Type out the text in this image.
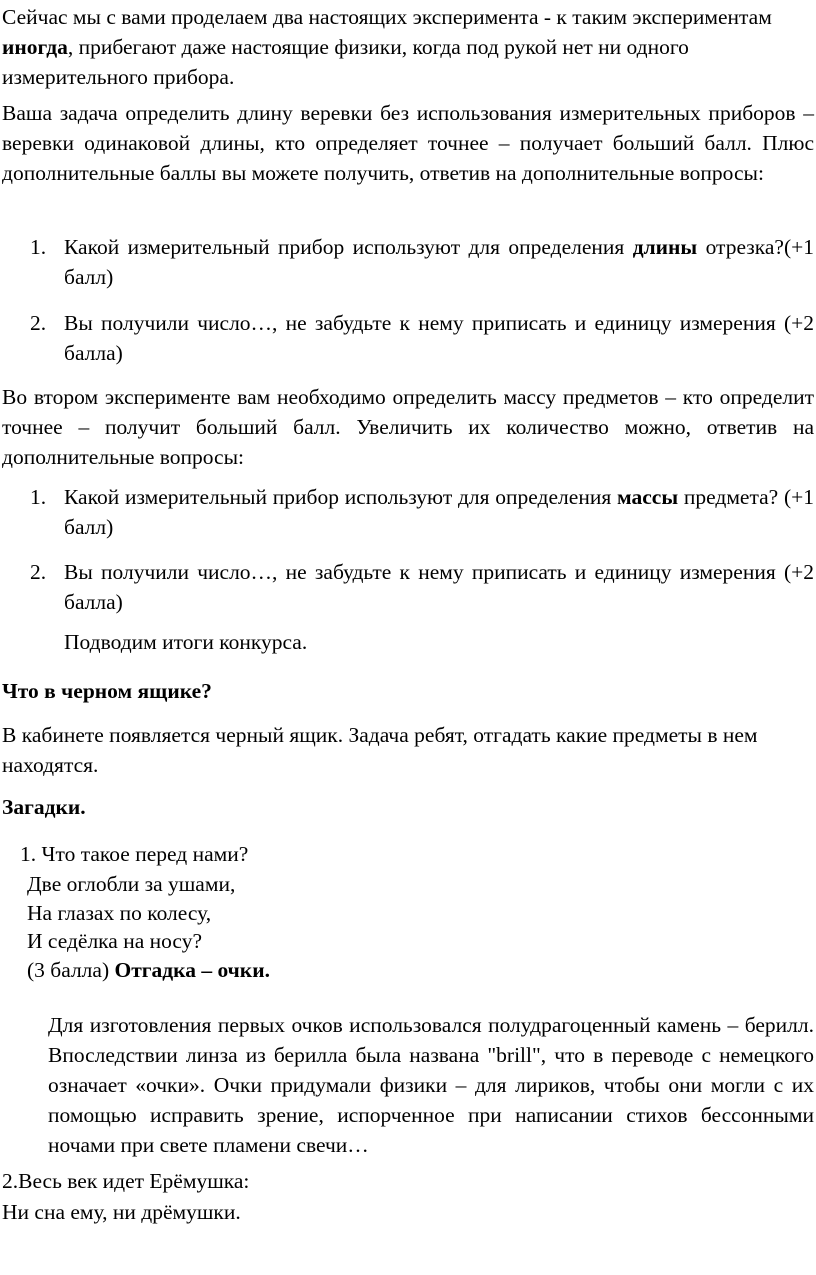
Сейчас мы с вами проделаем два настоящих эксперимента - к таким экспериментам иногда, прибегают даже настоящие физики, когда под рукой нет ни одного измерительного прибора.

Ваша задача определить длину веревки без использования измерительных приборов – веревки одинаковой длины, кто определяет точнее – получает больший балл. Плюс дополнительные баллы вы можете получить, ответив на дополнительные вопросы:

1. Какой измерительный прибор используют для определения длины отрезка?(+1 балл)
2. Вы получили число…, не забудьте к нему приписать и единицу измерения (+2 балла)

Во втором эксперименте вам необходимо определить массу предметов – кто определит точнее – получит больший балл. Увеличить их количество можно, ответив на дополнительные вопросы:

1. Какой измерительный прибор используют для определения массы предмета? (+1 балл)
2. Вы получили число…, не забудьте к нему приписать и единицу измерения (+2 балла)

Подводим итоги конкурса.

Что в черном ящике?

В кабинете появляется черный ящик. Задача ребят, отгадать какие предметы в нем находятся.

Загадки.

1. Что такое перед нами?

Две оглобли за ушами,

На глазах по колесу,

И седёлка на носу?

(3 балла) Отгадка – очки.

Для изготовления первых очков использовался полудрагоценный камень – берилл. Впоследствии линза из берилла была названа "brill", что в переводе с немецкого означает «очки». Очки придумали физики – для лириков, чтобы они могли с их помощью исправить зрение, испорченное при написании стихов бессонными ночами при свете пламени свечи…

2.Весь век идет Ерёмушка:

Ни сна ему, ни дрёмушки.
